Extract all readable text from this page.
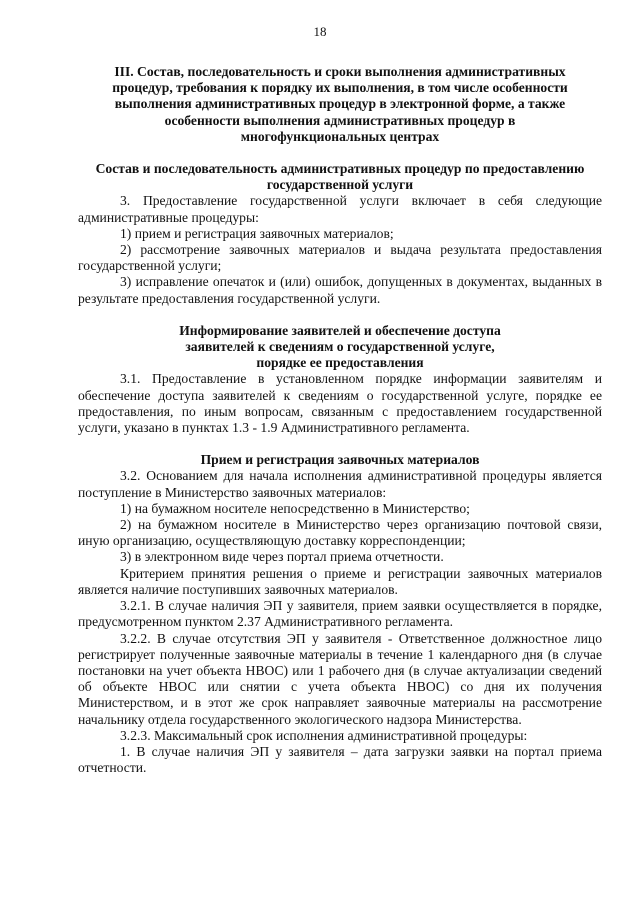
18
III. Состав, последовательность и сроки выполнения административных
процедур, требования к порядку их выполнения, в том числе особенности
выполнения административных процедур в электронной форме, а также
особенности выполнения административных процедур в
многофункциональных центрах
Состав и последовательность административных процедур по предоставлению
государственной услуги

3. Предоставление государственной услуги включает в себя следующие административные процедуры:

1) прием и регистрация заявочных материалов;

2) рассмотрение заявочных материалов и выдача результата предоставления государственной услуги;

3) исправление опечаток и (или) ошибок, допущенных в документах, выданных в результате предоставления государственной услуги.

Информирование заявителей и обеспечение доступа
заявителей к сведениям о государственной услуге,
порядке ее предоставления

3.1. Предоставление в установленном порядке информации заявителям и обеспечение доступа заявителей к сведениям о государственной услуге, порядке ее предоставления, по иным вопросам, связанным с предоставлением государственной услуги, указано в пунктах 1.3 - 1.9 Административного регламента.

Прием и регистрация заявочных материалов

3.2. Основанием для начала исполнения административной процедуры является поступление в Министерство заявочных материалов:

1) на бумажном носителе непосредственно в Министерство;

2) на бумажном носителе в Министерство через организацию почтовой связи, иную организацию, осуществляющую доставку корреспонденции;

3) в электронном виде через портал приема отчетности.

Критерием принятия решения о приеме и регистрации заявочных материалов является наличие поступивших заявочных материалов.

3.2.1. В случае наличия ЭП у заявителя, прием заявки осуществляется в порядке, предусмотренном пунктом 2.37 Административного регламента.

3.2.2. В случае отсутствия ЭП у заявителя - Ответственное должностное лицо регистрирует полученные заявочные материалы в течение 1 календарного дня (в случае постановки на учет объекта НВОС) или 1 рабочего дня (в случае актуализации сведений об объекте НВОС или снятии с учета объекта НВОС) со дня их получения Министерством, и в этот же срок направляет заявочные материалы на рассмотрение начальнику отдела государственного экологического надзора Министерства.

3.2.3. Максимальный срок исполнения административной процедуры:

1. В случае наличия ЭП у заявителя – дата загрузки заявки на портал приема отчетности.
